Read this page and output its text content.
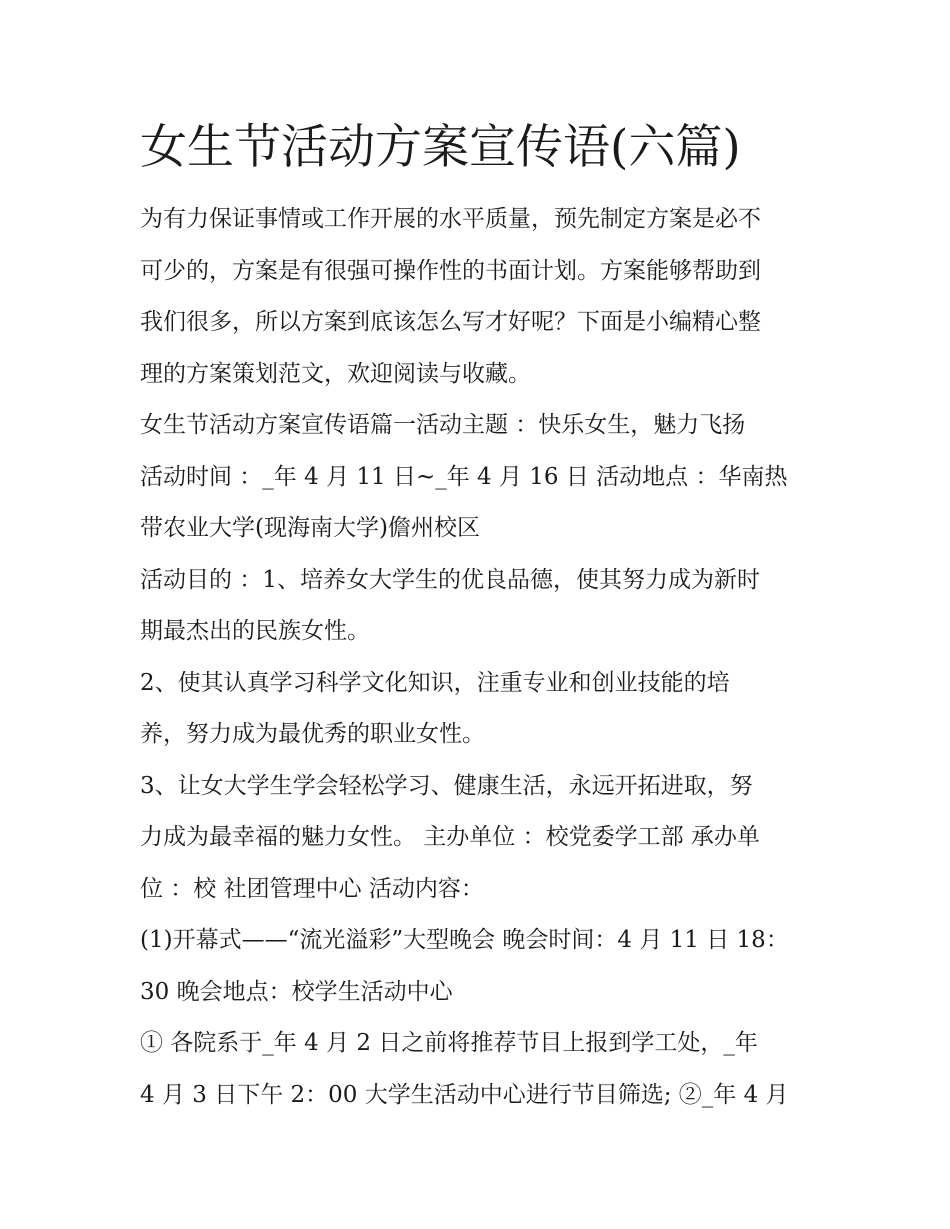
女生节活动方案宣传语(六篇)

为有力保证事情或工作开展的水平质量，预先制定方案是必不

可少的，方案是有很强可操作性的书面计划。方案能够帮助到

我们很多，所以方案到底该怎么写才好呢？下面是小编精心整

理的方案策划范文，欢迎阅读与收藏。

女生节活动方案宣传语篇一活动主题 ：快乐女生，魅力飞扬

活动时间 ：_年 4 月 11 日~_年 4 月 16 日 活动地点 ：华南热

带农业大学(现海南大学)儋州校区

活动目的 ：1、培养女大学生的优良品德，使其努力成为新时

期最杰出的民族女性。

2、使其认真学习科学文化知识，注重专业和创业技能的培

养，努力成为最优秀的职业女性。

3、让女大学生学会轻松学习、健康生活，永远开拓进取，努

力成为最幸福的魅力女性。 主办单位 ：校党委学工部 承办单

位 ：校 社团管理中心 活动内容：

(1)开幕式——“流光溢彩”大型晚会 晚会时间：4 月 11 日 18：

30 晚会地点：校学生活动中心

① 各院系于_年 4 月 2 日之前将推荐节目上报到学工处，_年

4 月 3 日下午 2：00 大学生活动中心进行节目筛选; ②_年 4 月
